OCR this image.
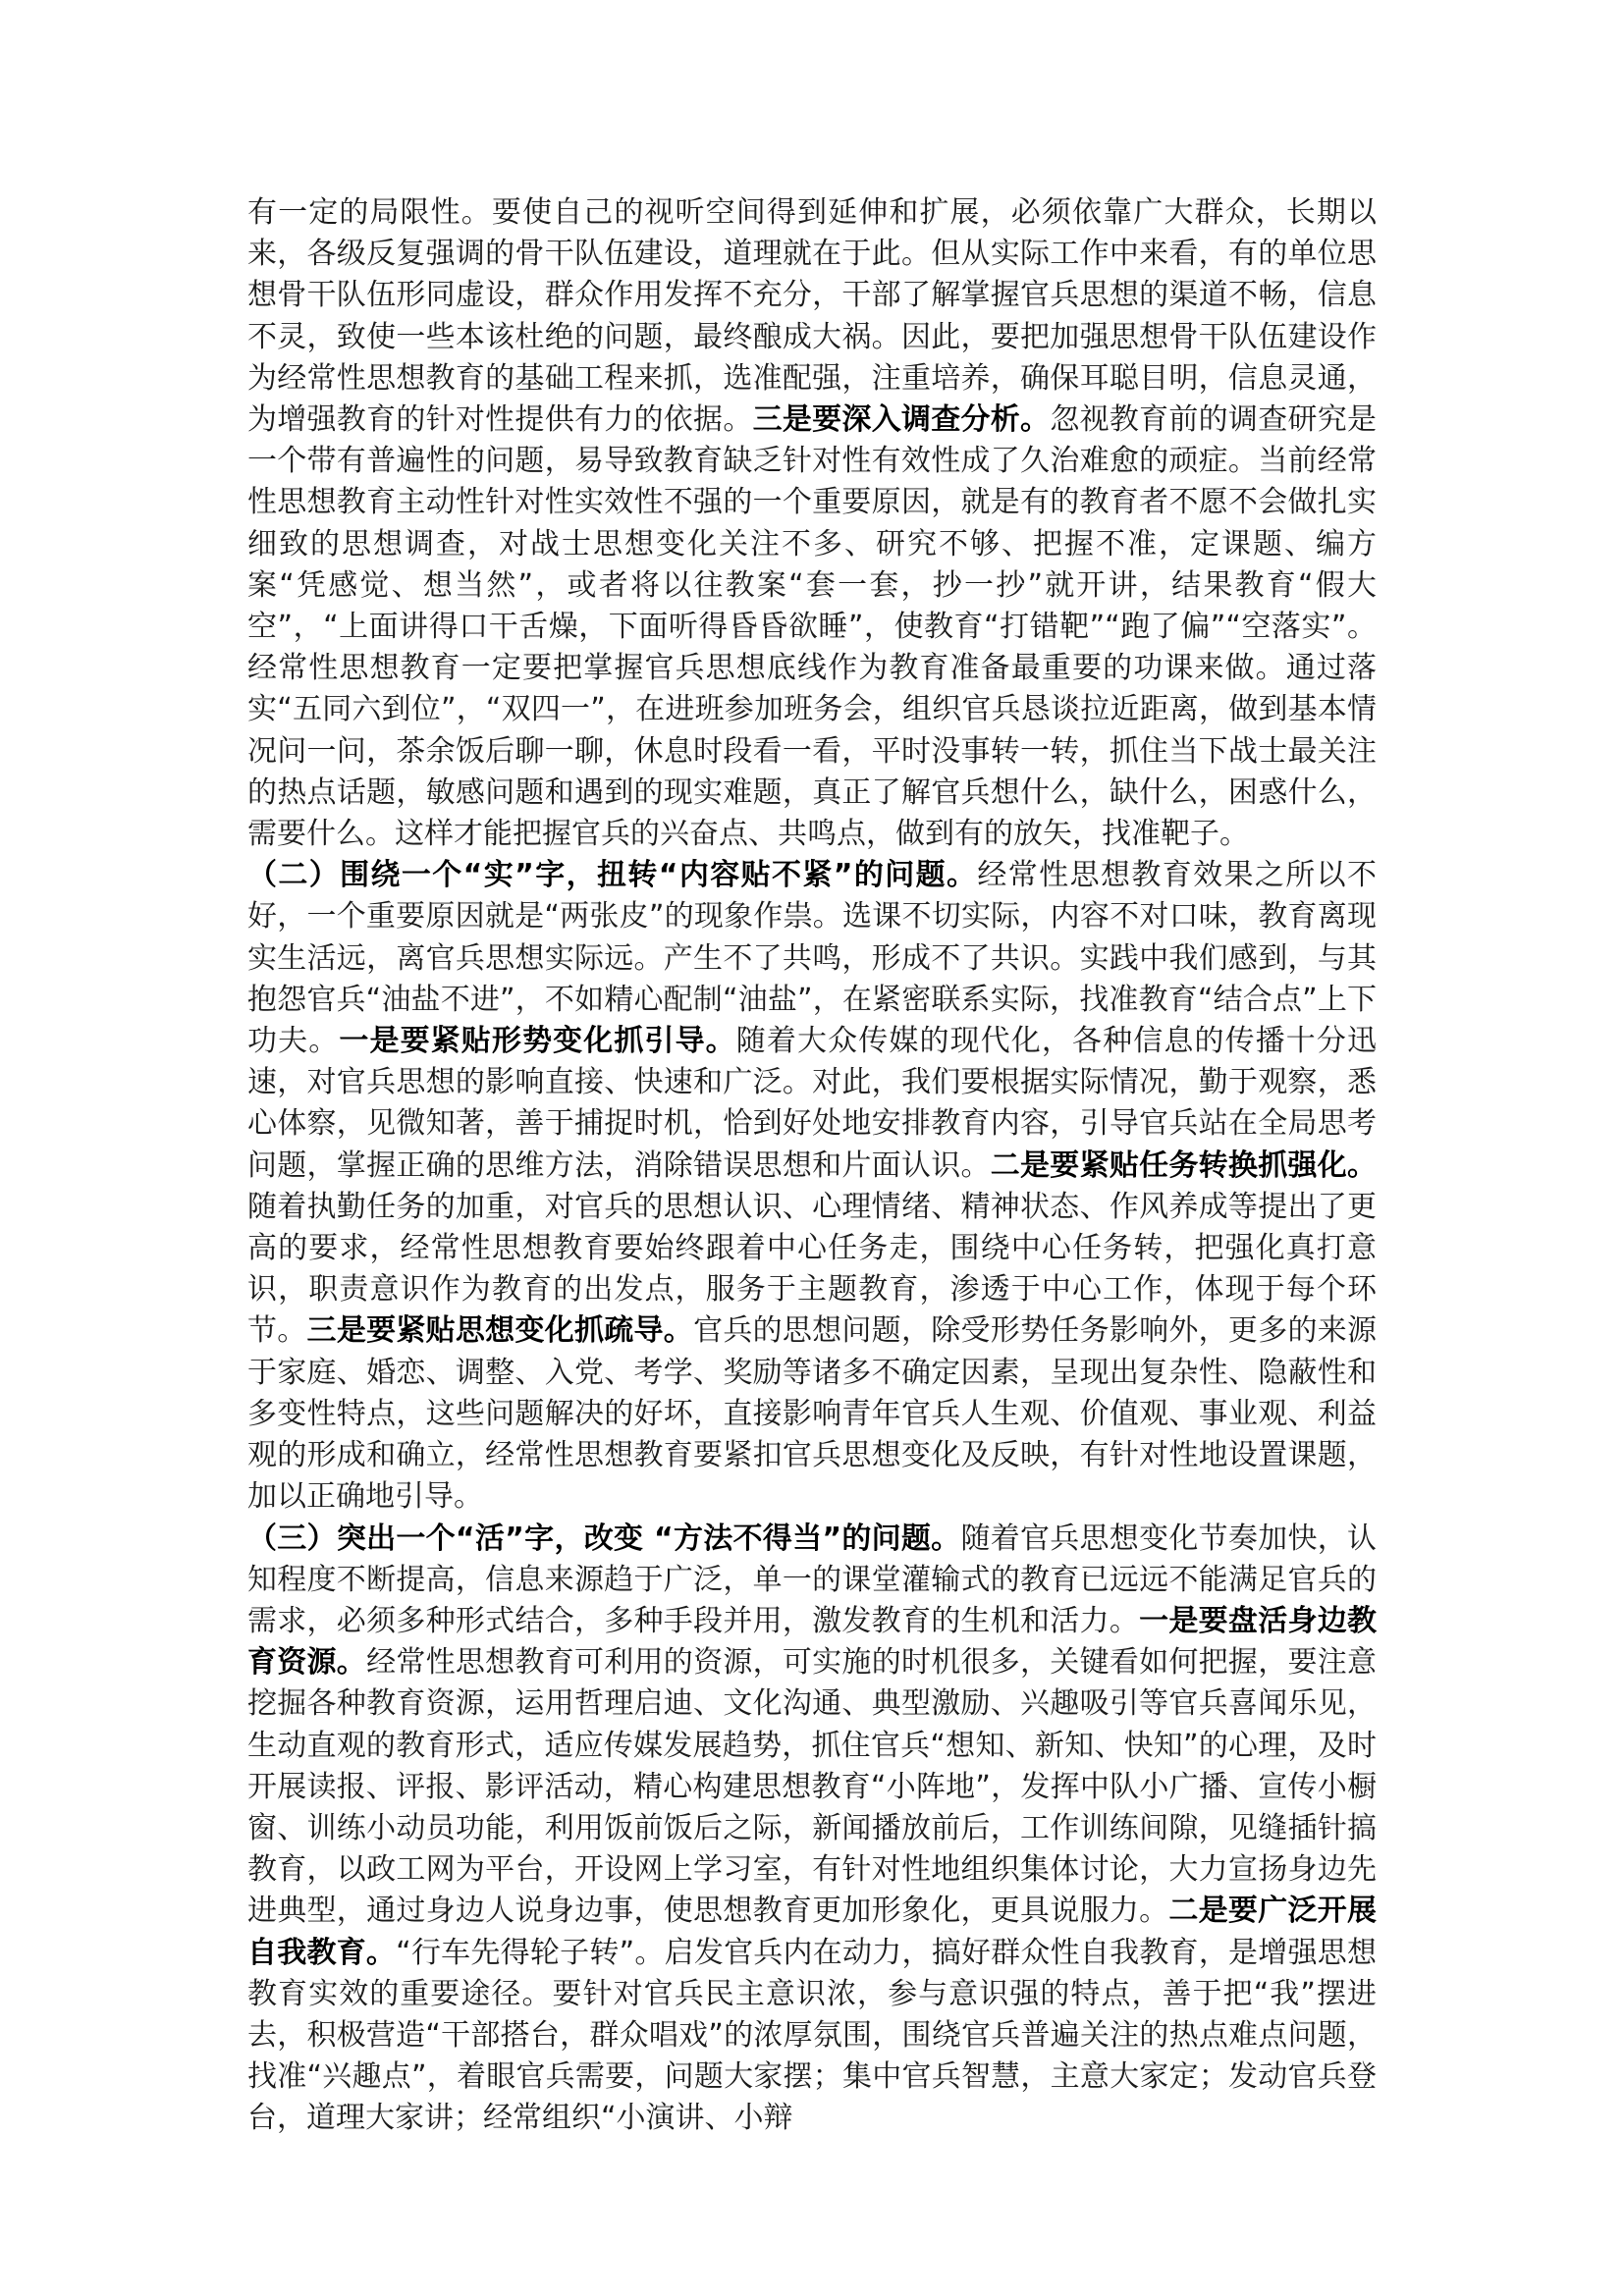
有一定的局限性。要使自己的视听空间得到延伸和扩展，必须依靠广大群众，长期以来，各级反复强调的骨干队伍建设，道理就在于此。但从实际工作中来看，有的单位思想骨干队伍形同虚设，群众作用发挥不充分，干部了解掌握官兵思想的渠道不畅，信息不灵，致使一些本该杜绝的问题，最终酿成大祸。因此，要把加强思想骨干队伍建设作为经常性思想教育的基础工程来抓，选准配强，注重培养，确保耳聪目明，信息灵通，为增强教育的针对性提供有力的依据。三是要深入调查分析。忽视教育前的调查研究是一个带有普遍性的问题，易导致教育缺乏针对性有效性成了久治难愈的顽症。当前经常性思想教育主动性针对性实效性不强的一个重要原因，就是有的教育者不愿不会做扎实细致的思想调查，对战士思想变化关注不多、研究不够、把握不准，定课题、编方案“凭感觉、想当然”，或者将以往教案“套一套，抄一抄”就开讲，结果教育“假大空”，“上面讲得口干舌燥，下面听得昏昏欲睡”，使教育“打错靶”“跑了偏”“空落实”。经常性思想教育一定要把掌握官兵思想底线作为教育准备最重要的功课来做。通过落实“五同六到位”，“双四一”，在进班参加班务会，组织官兵恳谈拉近距离，做到基本情况问一问，茶余饭后聊一聊，休息时段看一看，平时没事转一转，抓住当下战士最关注的热点话题，敏感问题和遇到的现实难题，真正了解官兵想什么，缺什么，困惑什么，需要什么。这样才能把握官兵的兴奋点、共鸣点，做到有的放矢，找准靶子。

（二）围绕一个“实”字，扭转“内容贴不紧”的问题。经常性思想教育效果之所以不好，一个重要原因就是“两张皮”的现象作祟。选课不切实际，内容不对口味，教育离现实生活远，离官兵思想实际远。产生不了共鸣，形成不了共识。实践中我们感到，与其抱怨官兵“油盐不进”，不如精心配制“油盐”，在紧密联系实际，找准教育“结合点”上下功夫。一是要紧贴形势变化抓引导。随着大众传媒的现代化，各种信息的传播十分迅速，对官兵思想的影响直接、快速和广泛。对此，我们要根据实际情况，勤于观察，悉心体察，见微知著，善于捕捉时机，恰到好处地安排教育内容，引导官兵站在全局思考问题，掌握正确的思维方法，消除错误思想和片面认识。二是要紧贴任务转换抓强化。随着执勤任务的加重，对官兵的思想认识、心理情绪、精神状态、作风养成等提出了更高的要求，经常性思想教育要始终跟着中心任务走，围绕中心任务转，把强化真打意识，职责意识作为教育的出发点，服务于主题教育，渗透于中心工作，体现于每个环节。三是要紧贴思想变化抓疏导。官兵的思想问题，除受形势任务影响外，更多的来源于家庭、婚恋、调整、入党、考学、奖励等诸多不确定因素，呈现出复杂性、隐蔽性和多变性特点，这些问题解决的好坏，直接影响青年官兵人生观、价值观、事业观、利益观的形成和确立，经常性思想教育要紧扣官兵思想变化及反映，有针对性地设置课题，加以正确地引导。

（三）突出一个“活”字，改变 “方法不得当”的问题。随着官兵思想变化节奏加快，认知程度不断提高，信息来源趋于广泛，单一的课堂灌输式的教育已远远不能满足官兵的需求，必须多种形式结合，多种手段并用，激发教育的生机和活力。一是要盘活身边教育资源。经常性思想教育可利用的资源，可实施的时机很多，关键看如何把握，要注意挖掘各种教育资源，运用哲理启迪、文化沟通、典型激励、兴趣吸引等官兵喜闻乐见，生动直观的教育形式，适应传媒发展趋势，抓住官兵“想知、新知、快知”的心理，及时开展读报、评报、影评活动，精心构建思想教育“小阵地”，发挥中队小广播、宣传小橱窗、训练小动员功能，利用饭前饭后之际，新闻播放前后，工作训练间隙，见缝插针搞教育，以政工网为平台，开设网上学习室，有针对性地组织集体讨论，大力宣扬身边先进典型，通过身边人说身边事，使思想教育更加形象化，更具说服力。二是要广泛开展自我教育。“行车先得轮子转”。启发官兵内在动力，搞好群众性自我教育，是增强思想教育实效的重要途径。要针对官兵民主意识浓，参与意识强的特点，善于把“我”摆进去，积极营造“干部搭台，群众唱戏”的浓厚氛围，围绕官兵普遍关注的热点难点问题，找准“兴趣点”，着眼官兵需要，问题大家摆；集中官兵智慧，主意大家定；发动官兵登台，道理大家讲；经常组织“小演讲、小辩
